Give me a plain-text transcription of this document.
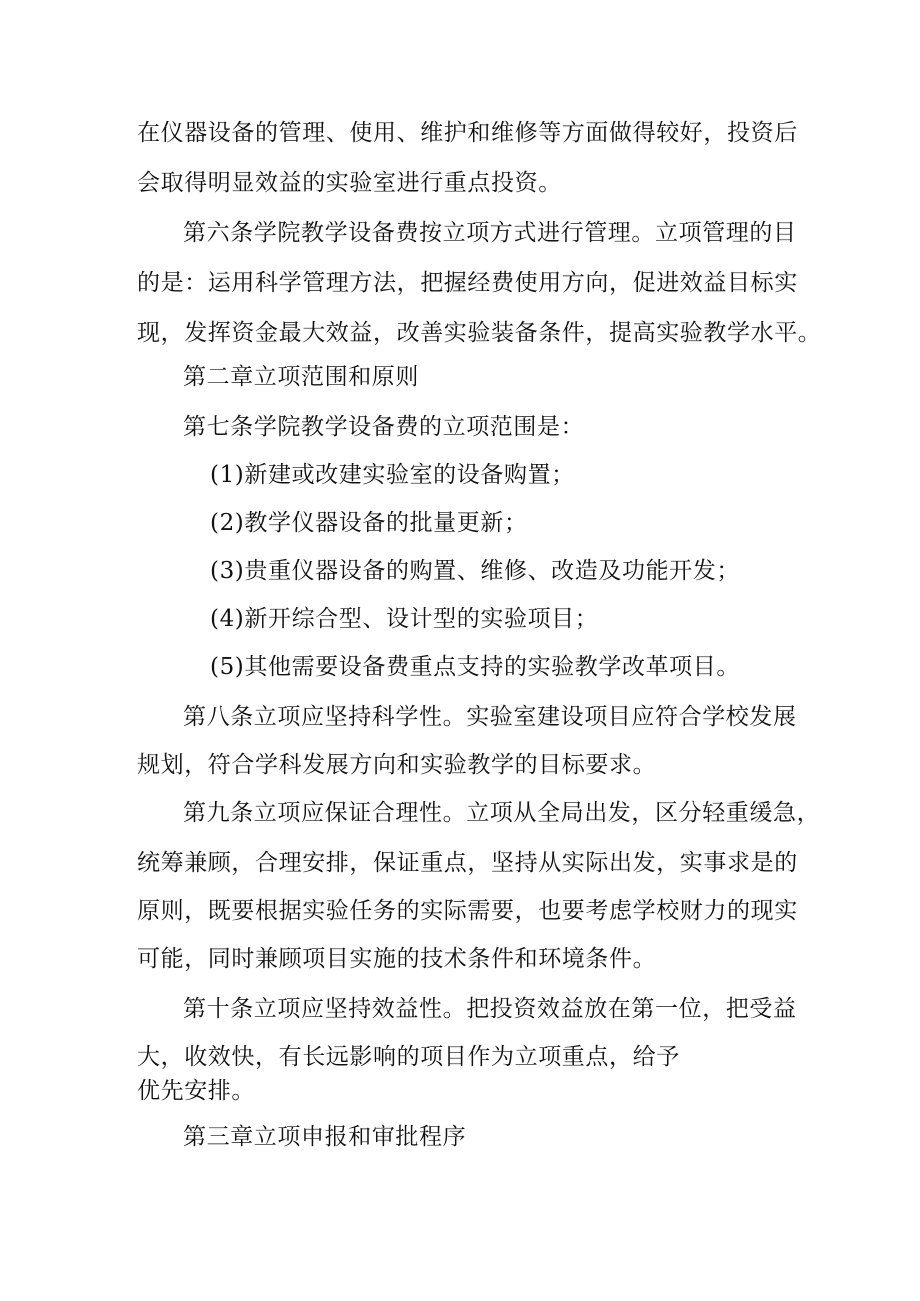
在仪器设备的管理、使用、维护和维修等方面做得较好，投资后
会取得明显效益的实验室进行重点投资。
第六条学院教学设备费按立项方式进行管理。立项管理的目
的是：运用科学管理方法，把握经费使用方向，促进效益目标实
现，发挥资金最大效益，改善实验装备条件，提高实验教学水平。
第二章立项范围和原则
第七条学院教学设备费的立项范围是：
(1)新建或改建实验室的设备购置；
(2)教学仪器设备的批量更新；
(3)贵重仪器设备的购置、维修、改造及功能开发；
(4)新开综合型、设计型的实验项目；
(5)其他需要设备费重点支持的实验教学改革项目。
第八条立项应坚持科学性。实验室建设项目应符合学校发展
规划，符合学科发展方向和实验教学的目标要求。
第九条立项应保证合理性。立项从全局出发，区分轻重缓急，
统筹兼顾，合理安排，保证重点，坚持从实际出发，实事求是的
原则，既要根据实验任务的实际需要，也要考虑学校财力的现实
可能，同时兼顾项目实施的技术条件和环境条件。
第十条立项应坚持效益性。把投资效益放在第一位，把受益
大，收效快，有长远影响的项目作为立项重点，给予
优先安排。
第三章立项申报和审批程序
